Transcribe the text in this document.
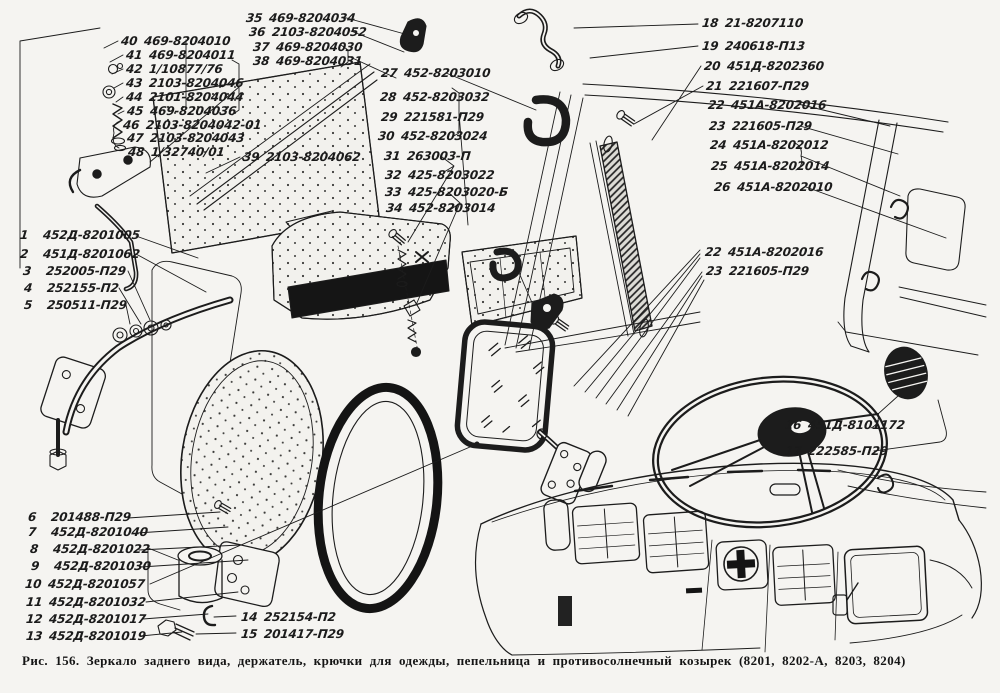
1 452Д-8201005
2 451Д-8201062
3 252005-П29
4 252155-П2
5 250511-П29
6 201488-П29
7 452Д-8201040
8 452Д-8201022
9 452Д-8201030
10 452Д-8201057
11 452Д-8201032
12 452Д-8201017
13 452Д-8201019
14 252154-П2
15 201417-П29
16 451Д-8101172
17 222585-П29
18 21-8207110
19 240618-П13
20 451Д-8202360
21 221607-П29
22 451А-8202016
23 221605-П29
24 451А-8202012
25 451А-8202014
26 451А-8202010
22 451А-8202016
23 221605-П29
27 452-8203010
28 452-8203032
29 221581-П29
30 452-8203024
31 263003-П
32 425-8203022
33 425-8203020-Б
34 452-8203014
35 469-8204034
36 2103-8204052
37 469-8204030
38 469-8204031
39 2103-8204062
40 469-8204010
41 469-8204011
42 1/10877/76
43 2103-8204046
44 2101-8204044
45 469-8204036
46 2103-8204042-01
47 2103-8204043
48 1/32740/01
Рис. 156. Зеркало заднего вида, держатель, крючки для одежды, пепельница и противосолнечный козырек (8201, 8202-А, 8203, 8204)
